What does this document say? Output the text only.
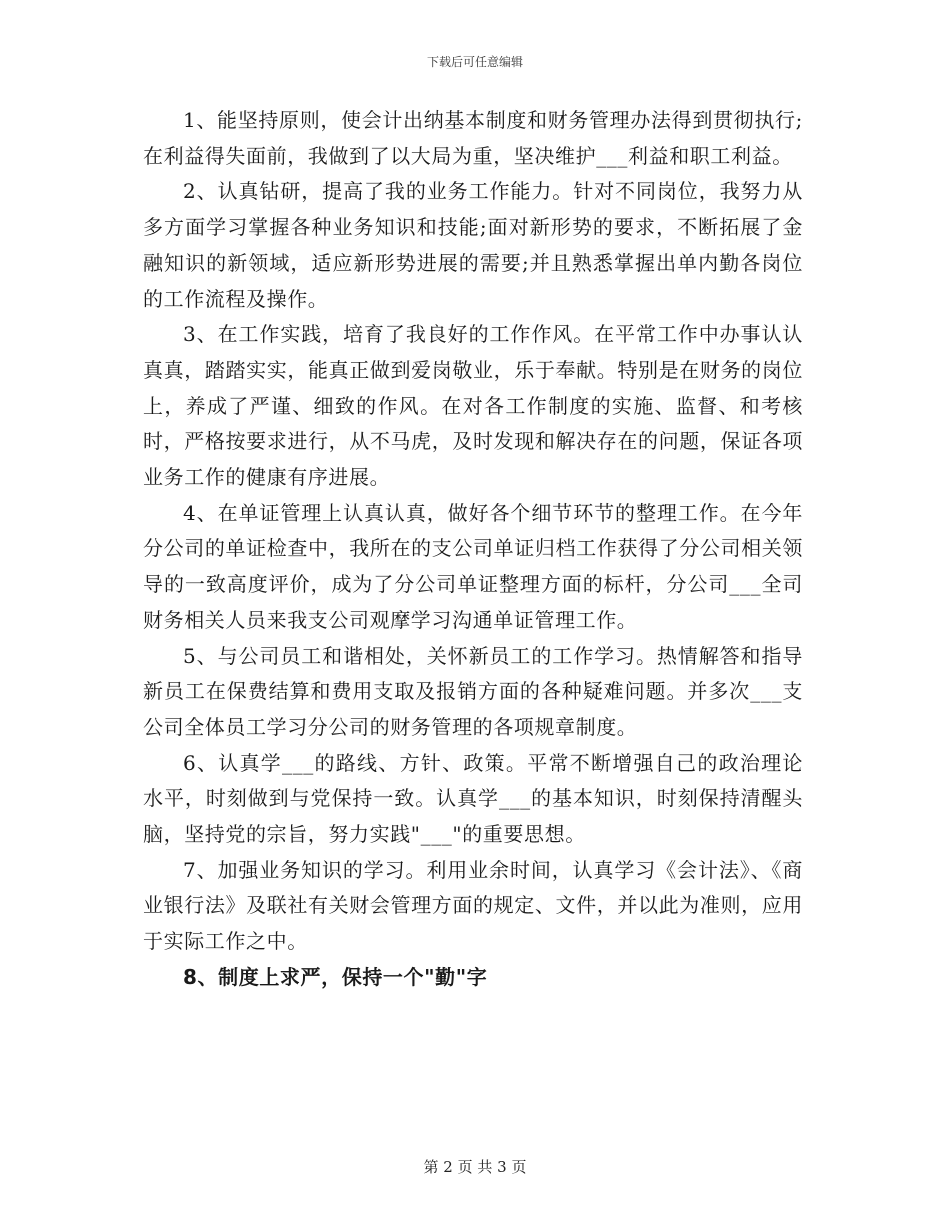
下载后可任意编辑

1、能坚持原则，使会计出纳基本制度和财务管理办法得到贯彻执行;在利益得失面前，我做到了以大局为重，坚决维护___利益和职工利益。

2、认真钻研，提高了我的业务工作能力。针对不同岗位，我努力从多方面学习掌握各种业务知识和技能;面对新形势的要求，不断拓展了金融知识的新领域，适应新形势进展的需要;并且熟悉掌握出单内勤各岗位的工作流程及操作。

3、在工作实践，培育了我良好的工作作风。在平常工作中办事认认真真，踏踏实实，能真正做到爱岗敬业，乐于奉献。特别是在财务的岗位上，养成了严谨、细致的作风。在对各工作制度的实施、监督、和考核时，严格按要求进行，从不马虎，及时发现和解决存在的问题，保证各项业务工作的健康有序进展。

4、在单证管理上认真认真，做好各个细节环节的整理工作。在今年分公司的单证检查中，我所在的支公司单证归档工作获得了分公司相关领导的一致高度评价，成为了分公司单证整理方面的标杆，分公司___全司财务相关人员来我支公司观摩学习沟通单证管理工作。

5、与公司员工和谐相处，关怀新员工的工作学习。热情解答和指导新员工在保费结算和费用支取及报销方面的各种疑难问题。并多次___支公司全体员工学习分公司的财务管理的各项规章制度。

6、认真学___的路线、方针、政策。平常不断增强自己的政治理论水平，时刻做到与党保持一致。认真学___的基本知识，时刻保持清醒头脑，坚持党的宗旨，努力实践"___"的重要思想。

7、加强业务知识的学习。利用业余时间，认真学习《会计法》、《商业银行法》及联社有关财会管理方面的规定、文件，并以此为准则，应用于实际工作之中。

8、制度上求严，保持一个"勤"字

第 2 页 共 3 页
